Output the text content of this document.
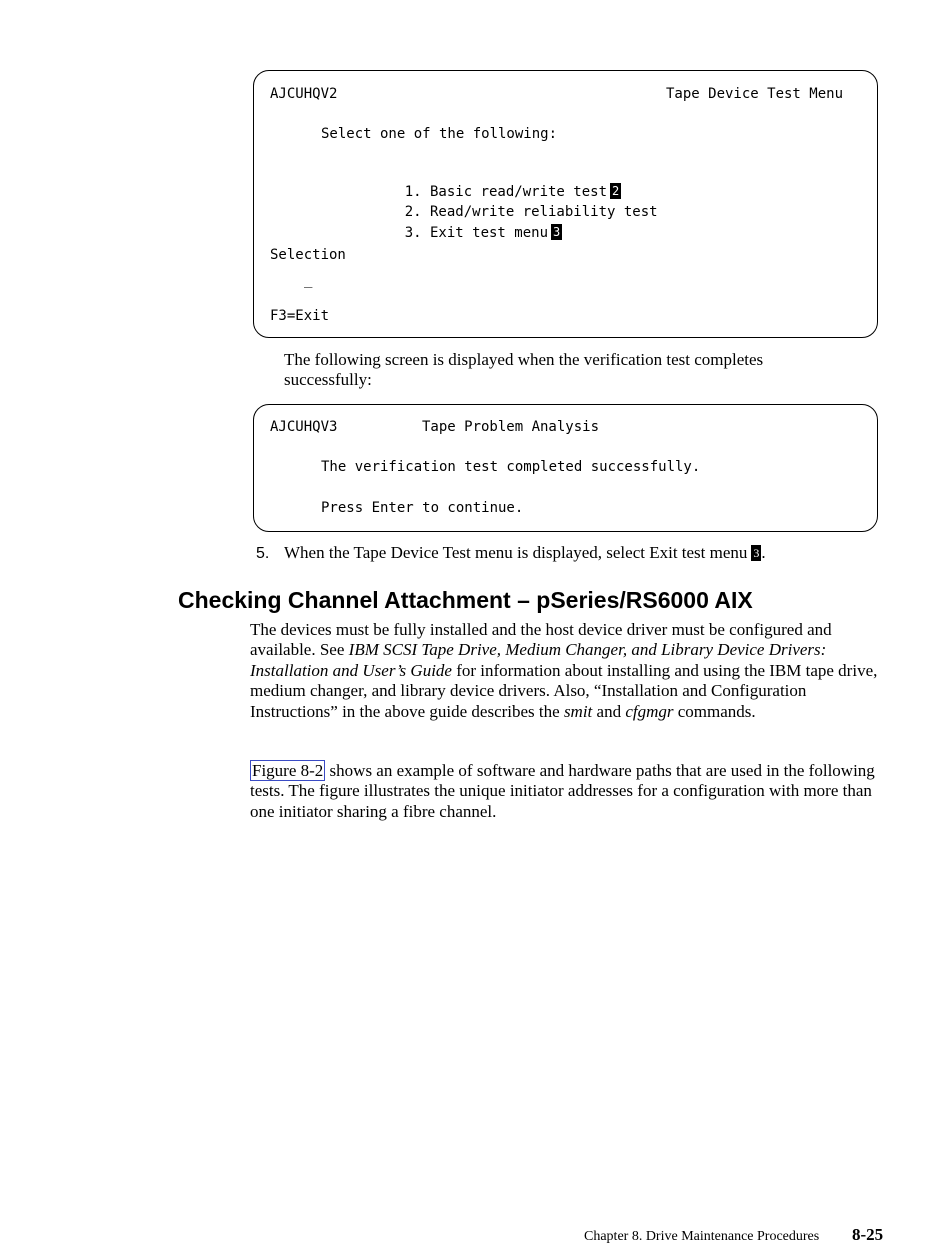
AJCUHQV2	Tape Device Test Menu
Select one of the following:

1. Basic read/write test 2

2. Read/write reliability test

3. Exit test menu 3

Selection
_
F3=Exit

The following screen is displayed when the verification test completes successfully:

AJCUHQV3	Tape Problem Analysis
The verification test completed successfully.
Press Enter to continue.
5. When the Tape Device Test menu is displayed, select Exit test menu 3 .

Checking Channel Attachment – pSeries/RS6000 AIX

The devices must be fully installed and the host device driver must be configured and available. See IBM SCSI Tape Drive, Medium Changer, and Library Device Drivers: Installation and User’s Guide for information about installing and using the IBM tape drive, medium changer, and library device drivers. Also, “Installation and Configuration Instructions” in the above guide describes the smit and cfgmgr commands.

Figure 8-2 shows an example of software and hardware paths that are used in the following tests. The figure illustrates the unique initiator addresses for a configuration with more than one initiator sharing a fibre channel.

Chapter 8. Drive Maintenance Procedures 8-25
